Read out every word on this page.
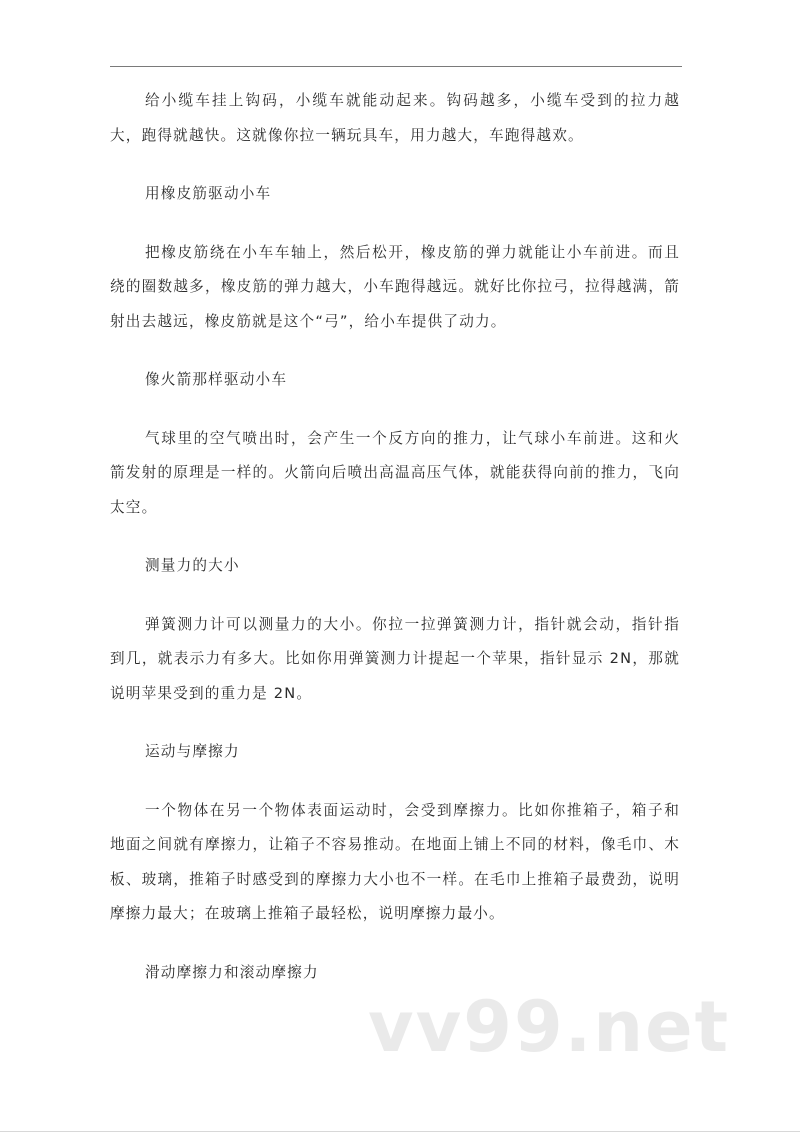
给小缆车挂上钩码，小缆车就能动起来。钩码越多，小缆车受到的拉力越大，跑得就越快。这就像你拉一辆玩具车，用力越大，车跑得越欢。

用橡皮筋驱动小车

把橡皮筋绕在小车车轴上，然后松开，橡皮筋的弹力就能让小车前进。而且绕的圈数越多，橡皮筋的弹力越大，小车跑得越远。就好比你拉弓，拉得越满，箭射出去越远，橡皮筋就是这个“弓”，给小车提供了动力。

像火箭那样驱动小车

气球里的空气喷出时，会产生一个反方向的推力，让气球小车前进。这和火箭发射的原理是一样的。火箭向后喷出高温高压气体，就能获得向前的推力，飞向太空。

测量力的大小

弹簧测力计可以测量力的大小。你拉一拉弹簧测力计，指针就会动，指针指到几，就表示力有多大。比如你用弹簧测力计提起一个苹果，指针显示 2N，那就说明苹果受到的重力是 2N。

运动与摩擦力

一个物体在另一个物体表面运动时，会受到摩擦力。比如你推箱子，箱子和地面之间就有摩擦力，让箱子不容易推动。在地面上铺上不同的材料，像毛巾、木板、玻璃，推箱子时感受到的摩擦力大小也不一样。在毛巾上推箱子最费劲，说明摩擦力最大；在玻璃上推箱子最轻松，说明摩擦力最小。

滑动摩擦力和滚动摩擦力

vv99.net
